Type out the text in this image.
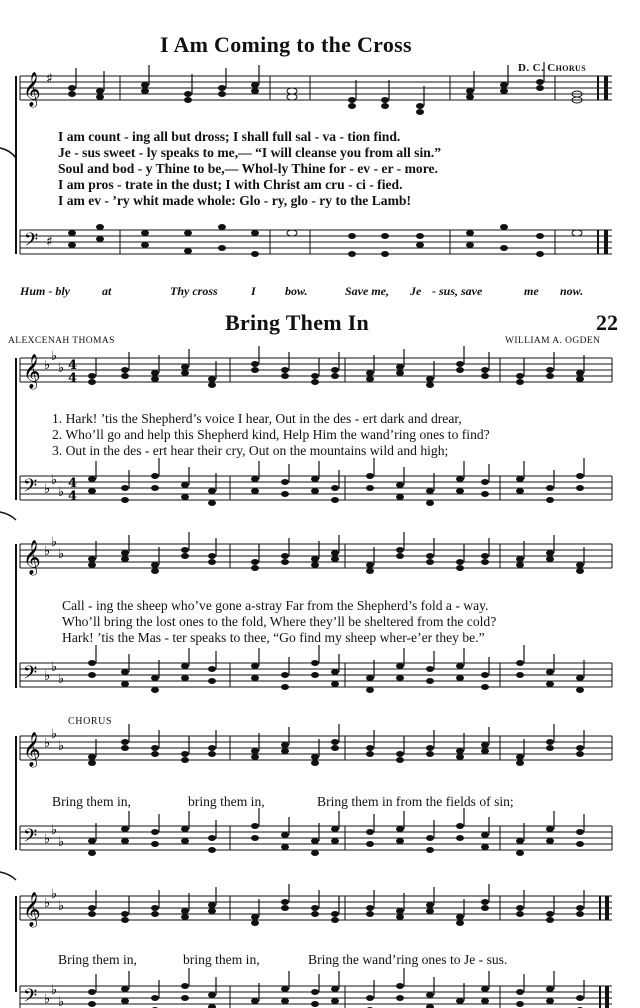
I Am Coming to the Cross
D. C. Chorus
𝄞 ♯
I am count - ing all but dross; I shall full sal - va - tion find.
Je - sus sweet - ly speaks to me,— “I will cleanse you from all sin.”
Soul and bod - y Thine to be,— Whol-ly Thine for - ev - er - more.
I am pros - trate in the dust; I with Christ am cru - ci - fied.
I am ev - ’ry whit made whole: Glo - ry, glo - ry to the Lamb!
𝄢 ♯
Hum - bly	at	Thy cross	I bow.	Save me, Je - sus, save	me now.
Bring Them In	22
ALEXCENAH THOMAS	WILLIAM A. OGDEN
𝄞 ♭
♭
♭ 4
4
1. Hark! ’tis the Shepherd’s voice I hear, Out in the des - ert dark and drear,
2. Who’ll go and help this Shepherd kind, Help Him the wand’ring ones to find?
3. Out in the des - ert hear their cry, Out on the mountains wild and high;
𝄢 ♭
♭
♭
4
4
𝄞 ♭
♭
♭
Call - ing the sheep who’ve gone a-stray Far from the Shepherd’s fold a - way.
Who’ll bring the lost ones to the fold, Where they’ll be sheltered from the cold?
Hark! ’tis the Mas - ter speaks to thee, “Go find my sheep wher-e’er they be.”
𝄢 ♭
♭
♭
CHORUS
𝄞 ♭
♭
♭
Bring them in,	bring them in,	Bring them in from the fields of sin;
𝄢 ♭
♭
♭
𝄞 ♭
♭
♭
Bring them in,	bring them in,	Bring the wand’ring ones to Je - sus.
𝄢 ♭
♭
♭
